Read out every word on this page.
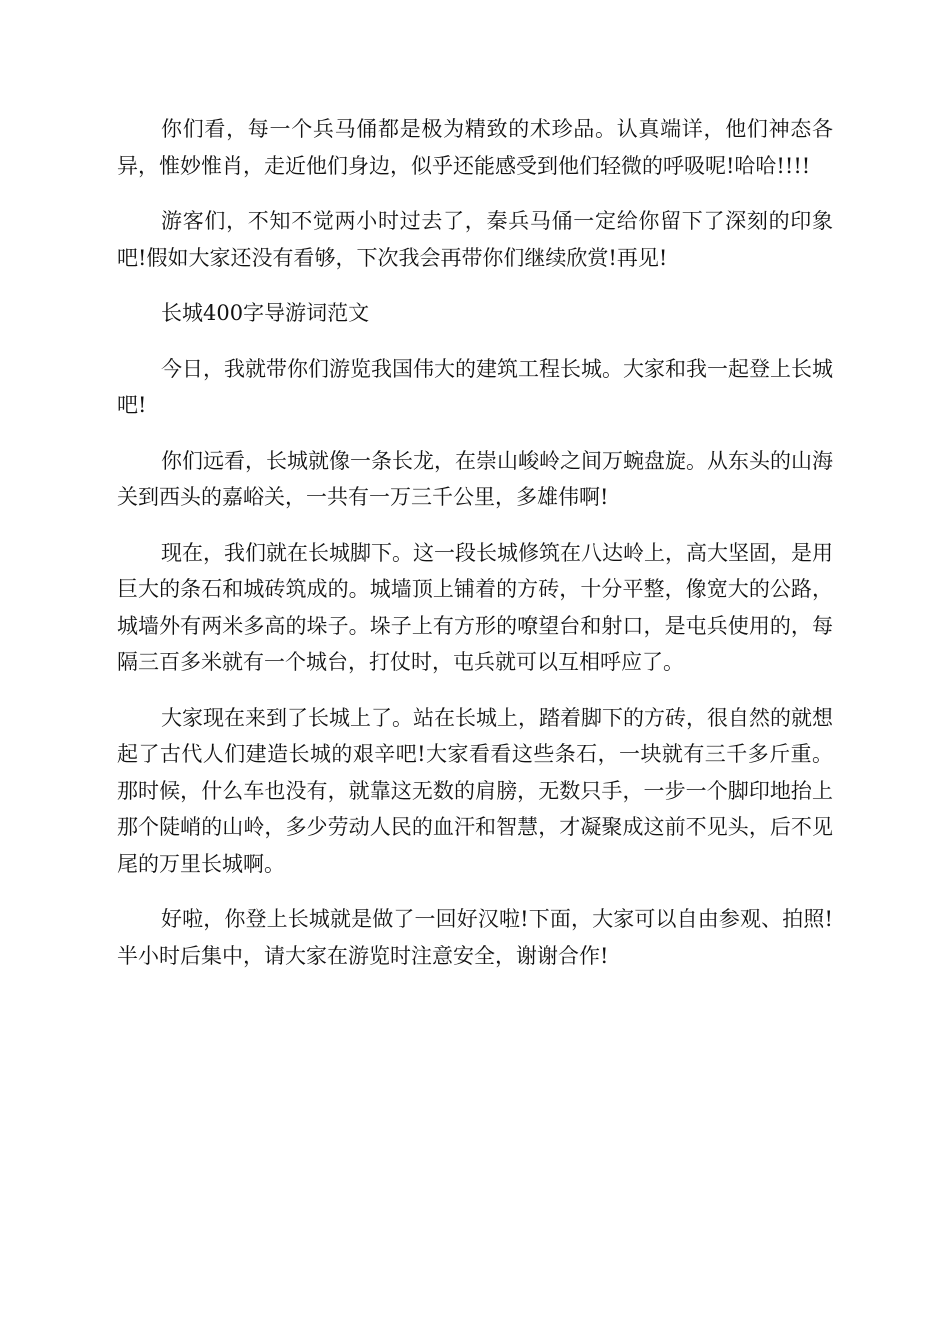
你们看，每一个兵马俑都是极为精致的术珍品。认真端详，他们神态各异，惟妙惟肖，走近他们身边，似乎还能感受到他们轻微的呼吸呢!哈哈!!!!

游客们，不知不觉两小时过去了，秦兵马俑一定给你留下了深刻的印象吧!假如大家还没有看够，下次我会再带你们继续欣赏!再见!

长城400字导游词范文

今日，我就带你们游览我国伟大的建筑工程长城。大家和我一起登上长城吧!

你们远看，长城就像一条长龙，在崇山峻岭之间万蜿盘旋。从东头的山海关到西头的嘉峪关，一共有一万三千公里，多雄伟啊!

现在，我们就在长城脚下。这一段长城修筑在八达岭上，高大坚固，是用巨大的条石和城砖筑成的。城墙顶上铺着的方砖，十分平整，像宽大的公路，城墙外有两米多高的垛子。垛子上有方形的嘹望台和射口，是屯兵使用的，每隔三百多米就有一个城台，打仗时，屯兵就可以互相呼应了。

大家现在来到了长城上了。站在长城上，踏着脚下的方砖，很自然的就想起了古代人们建造长城的艰辛吧!大家看看这些条石，一块就有三千多斤重。那时候，什么车也没有，就靠这无数的肩膀，无数只手，一步一个脚印地抬上那个陡峭的山岭，多少劳动人民的血汗和智慧，才凝聚成这前不见头，后不见尾的万里长城啊。

好啦，你登上长城就是做了一回好汉啦!下面，大家可以自由参观、拍照!半小时后集中，请大家在游览时注意安全，谢谢合作!
